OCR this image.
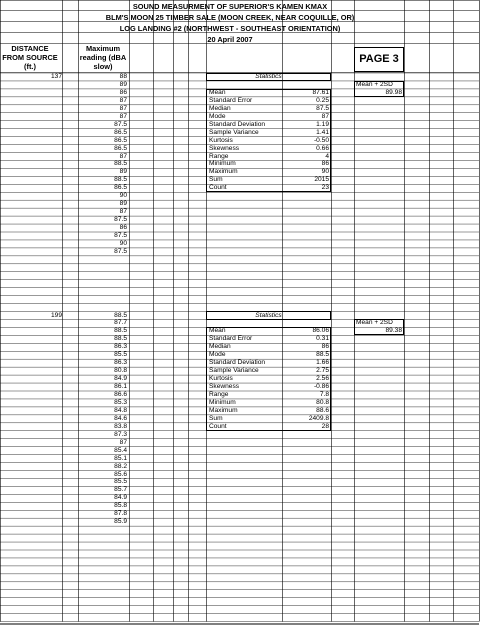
SOUND MEASURMENT OF SUPERIOR'S KAMEN KMAX
BLM'S MOON 25 TIMBER SALE (MOON CREEK, NEAR COQUILLE, OR)
LOG LANDING #2 (NORTHWEST - SOUTHEAST ORIENTATION)
20 April 2007
DISTANCE FROM SOURCE (ft.)
Maximum reading (dBA slow)
PAGE 3
137	88
89
86
87
87
87
87.5
86.5
86.5
86.5
87
88.5
89
88.5
86.5
90
89
87
87.5
86
87.5
90
87.5
Statistics
Mean	87.61
Standard Error	0.25
Median	87.5
Mode	87
Standard Deviation	1.19
Sample Variance	1.41
Kurtosis	-0.50
Skewness	0.66
Range	4
Minimum	86
Maximum	90
Sum	2015
Count	23
Mean + 2SD
89.98
199	88.5
87.7
88.5
88.5
86.3
85.5
86.3
80.8
84.9
86.1
86.6
85.3
84.8
84.6
83.8
87.3
87
85.4
85.1
88.2
85.6
85.5
85.7
84.9
85.8
87.8
85.9
Statistics
Mean	86.06
Standard Error	0.31
Median	86
Mode	88.5
Standard Deviation	1.66
Sample Variance	2.75
Kurtosis	2.56
Skewness	-0.86
Range	7.8
Minimum	80.8
Maximum	88.6
Sum	2409.8
Count	28
Mean + 2SD
89.38
